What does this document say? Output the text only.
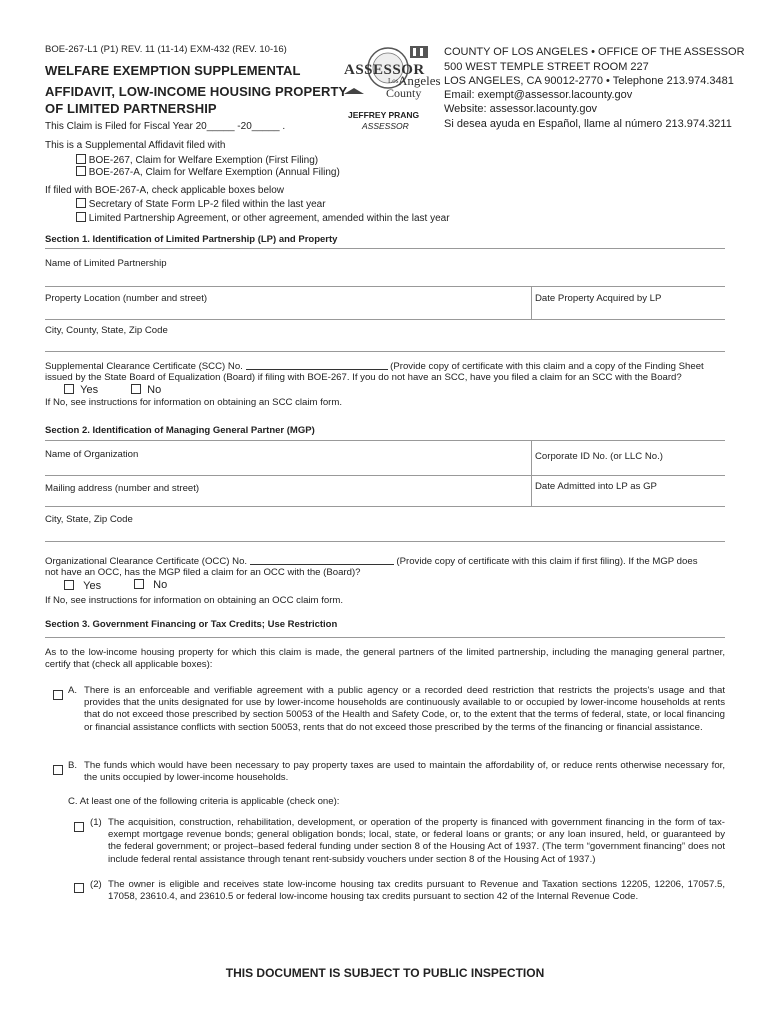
BOE-267-L1 (P1) REV. 11 (11-14) EXM-432 (REV. 10-16)
WELFARE EXEMPTION SUPPLEMENTAL
AFFIDAVIT, LOW-INCOME HOUSING PROPERTY
OF LIMITED PARTNERSHIP
This Claim is Filed for Fiscal Year 20_____ -20_____ .
ASSESSOR
Los Angeles
County
JEFFREY PRANG
ASSESSOR
COUNTY OF LOS ANGELES • OFFICE OF THE ASSESSOR
500 WEST TEMPLE STREET ROOM 227
LOS ANGELES, CA 90012-2770 • Telephone 213.974.3481
Email: exempt@assessor.lacounty.gov
Website: assessor.lacounty.gov
Si desea ayuda en Español, llame al número 213.974.3211
This is a Supplemental Affidavit filed with
BOE-267, Claim for Welfare Exemption (First Filing)
BOE-267-A, Claim for Welfare Exemption (Annual Filing)
If filed with BOE-267-A, check applicable boxes below
Secretary of State Form LP-2 filed within the last year
Limited Partnership Agreement, or other agreement, amended within the last year
Section 1. Identification of Limited Partnership (LP) and Property
Name of Limited Partnership
Property Location (number and street)	Date Property Acquired by LP
City, County, State, Zip Code
Supplemental Clearance Certificate (SCC) No.	(Provide copy of certificate with this claim and a copy of the Finding Sheet
issued by the State Board of Equalization (Board) if filing with BOE-267. If you do not have an SCC, have you filed a claim for an SCC with the Board?
Yes	No
If No, see instructions for information on obtaining an SCC claim form.
Section 2. Identification of Managing General Partner (MGP)
Name of Organization	Corporate ID No. (or LLC No.)
Mailing address (number and street)	Date Admitted into LP as GP
City, State, Zip Code
Organizational Clearance Certificate (OCC) No.	(Provide copy of certificate with this claim if first filing). If the MGP does
not have an OCC, has the MGP filed a claim for an OCC with the (Board)?
Yes	No
If No, see instructions for information on obtaining an OCC claim form.
Section 3. Government Financing or Tax Credits; Use Restriction
As to the low-income housing property for which this claim is made, the general partners of the limited partnership, including the managing general partner, certify that (check all applicable boxes):
A. There is an enforceable and verifiable agreement with a public agency or a recorded deed restriction that restricts the projects's usage and that provides that the units designated for use by lower-income households are continuously available to or occupied by lower-income households at rents that do not exceed those prescribed by section 50053 of the Health and Safety Code, or, to the extent that the terms of federal, state, or local financing or financial assistance conflicts with section 50053, rents that do not exceed those prescribed by the terms of the financing or financial assistance.
B. The funds which would have been necessary to pay property taxes are used to maintain the affordability of, or reduce rents otherwise necessary for, the units occupied by lower-income households.
C. At least one of the following criteria is applicable (check one):
(1) The acquisition, construction, rehabilitation, development, or operation of the property is financed with government financing in the form of tax-exempt mortgage revenue bonds; general obligation bonds; local, state, or federal loans or grants; or any loan insured, held, or guaranteed by the federal government; or project–based federal funding under section 8 of the Housing Act of 1937. (The term “government financing” does not include federal rental assistance through tenant rent-subsidy vouchers under section 8 of the Housing Act of 1937.)
(2) The owner is eligible and receives state low-income housing tax credits pursuant to Revenue and Taxation sections 12205, 12206, 17057.5, 17058, 23610.4, and 23610.5 or federal low-income housing tax credits pursuant to section 42 of the Internal Revenue Code.
THIS DOCUMENT IS SUBJECT TO PUBLIC INSPECTION
